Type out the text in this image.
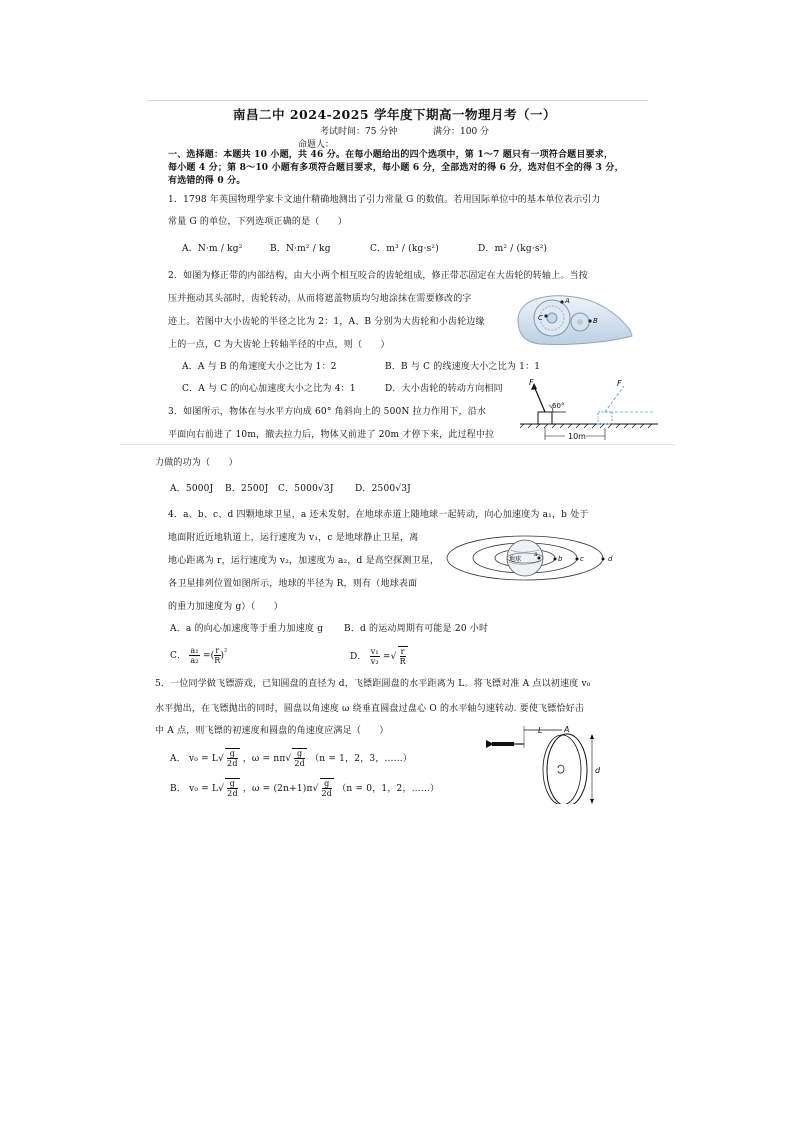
南昌二中 2024-2025 学年度下期高一物理月考（一）
考试时间：75 分钟	满分：100 分
命题人：
一、选择题：本题共 10 小题，共 46 分。在每小题给出的四个选项中，第 1～7 题只有一项符合题目要求，
每小题 4 分；第 8～10 小题有多项符合题目要求，每小题 6 分，全部选对的得 6 分，选对但不全的得 3 分，
有选错的得 0 分。
1．1798 年英国物理学家卡文迪什精确地测出了引力常量 G 的数值。若用国际单位中的基本单位表示引力
常量 G 的单位，下列选项正确的是（　　）
A．N·m / kg²	B．N·m² / kg	C．m³ / (kg·s²)	D．m² / (kg·s²)
2．如图为修正带的内部结构，由大小两个相互咬合的齿轮组成，修正带芯固定在大齿轮的转轴上。当按
压并拖动其头部时，齿轮转动，从而将遮盖物质均匀地涂抹在需要修改的字
迹上。若图中大小齿轮的半径之比为 2：1，A、B 分别为大齿轮和小齿轮边缘
上的一点，C 为大齿轮上转轴半径的中点，则（　　）
A．A 与 B 的角速度大小之比为 1：2	B．B 与 C 的线速度大小之比为 1：1
C．A 与 C 的向心加速度大小之比为 4：1	D．大小齿轮的转动方向相同
A
B
C
3．如图所示，物体在与水平方向成 60° 角斜向上的 500N 拉力作用下，沿水
平面向右前进了 10m，撤去拉力后，物体又前进了 20m 才停下来，此过程中拉
力做的功为（　　）
A．5000J B．2500J C．5000√3J D．2500√3J
60°
F	F
10m
4．a、b、c、d 四颗地球卫星，a 还未发射，在地球赤道上随地球一起转动，向心加速度为 a₁，b 处于
地面附近近地轨道上，运行速度为 v₁，c 是地球静止卫星，离
地心距离为 r，运行速度为 v₂，加速度为 a₂，d 是高空探测卫星，
各卫星排列位置如图所示，地球的半径为 R，则有（地球表面
的重力加速度为 g）（　　）
A．a 的向心加速度等于重力加速度 g B．d 的运动周期有可能是 20 小时
C． $\frac{\text{a₁}}{\text{a₂}}$ =( $\frac{r}{R} )^{^2}$
D． $\frac{\text{v₁}}{\text{v₂}}$ =√ $\frac{r}{R}$
地球
a
b	c	d
5．一位同学做飞镖游戏，已知圆盘的直径为 d，飞镖距圆盘的水平距离为 L。将飞镖对准 A 点以初速度 v₀
水平抛出，在飞镖抛出的同时，圆盘以角速度 ω 绕垂直圆盘过盘心 O 的水平轴匀速转动. 要使飞镖恰好击
中 A 点，则飞镖的初速度和圆盘的角速度应满足（　　）
A． $v_0 = L√ \frac{g}{2d}$ ，$\omega = n\pi√ \frac{g}{2d} (n = 1$，2，3，……）
B． $v_0 = L√ \frac{g}{2d}$ ，$\omega = (2n+1)\pi√ \frac{g}{2d} (n = 0$，1，2，……）
L	A
d
